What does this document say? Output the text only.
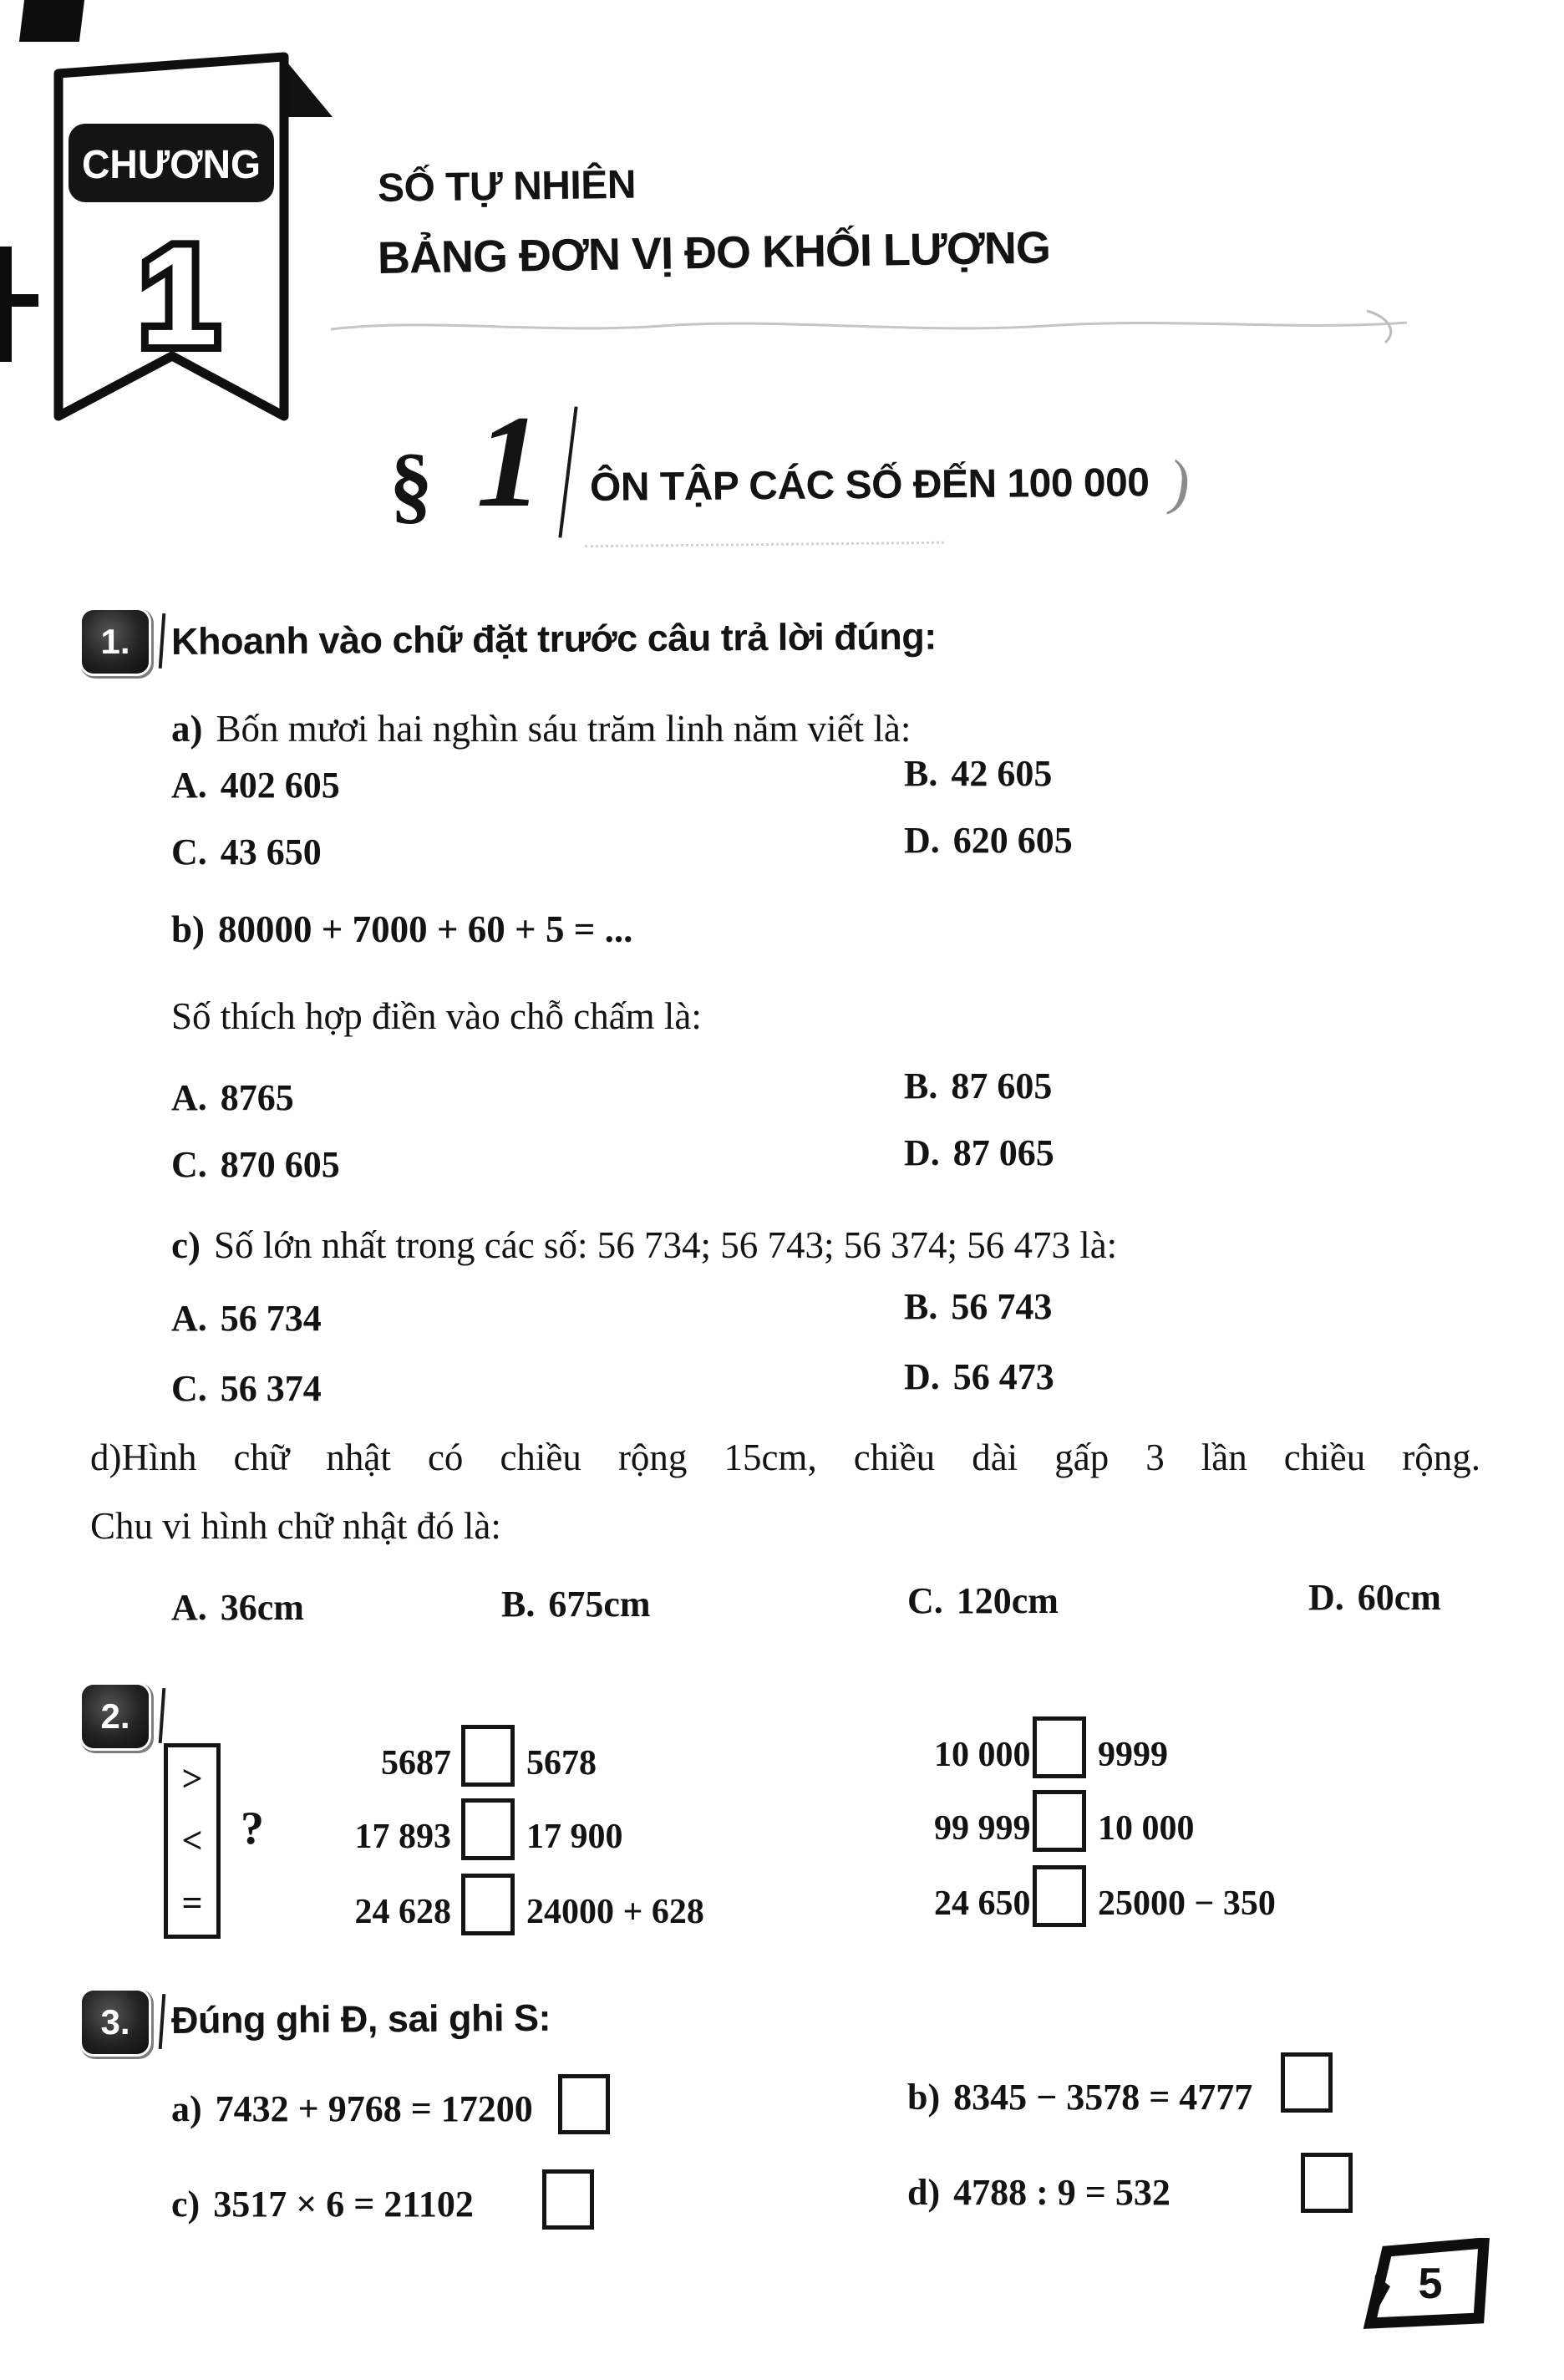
CHƯƠNG
1
SỐ TỰ NHIÊN
BẢNG ĐƠN VỊ ĐO KHỐI LƯỢNG
§ 1 ÔN TẬP CÁC SỐ ĐẾN 100 000 )
1.	Khoanh vào chữ đặt trước câu trả lời đúng:
a) Bốn mươi hai nghìn sáu trăm linh năm viết là:
A. 402 605	B. 42 605
C. 43 650	D. 620 605
b) 80000 + 7000 + 60 + 5 = ...
Số thích hợp điền vào chỗ chấm là:
A. 8765	B. 87 605
C. 870 605	D. 87 065
c) Số lớn nhất trong các số: 56 734; 56 743; 56 374; 56 473 là:
A. 56 734	B. 56 743
C. 56 374	D. 56 473
d)Hình chữ nhật có chiều rộng 15cm, chiều dài gấp 3 lần chiều rộng.
Chu vi hình chữ nhật đó là:
A. 36cm	B. 675cm	C. 120cm	D. 60cm
2.
>
<
=
?
5687 5678
17 893 17 900
24 628 24000 + 628
10 000 9999
99 999 10 000
24 650 25000 − 350
3.	Đúng ghi Đ, sai ghi S:
a) 7432 + 9768 = 17200	b) 8345 − 3578 = 4777
c) 3517 × 6 = 21102	d) 4788 : 9 = 532
5
